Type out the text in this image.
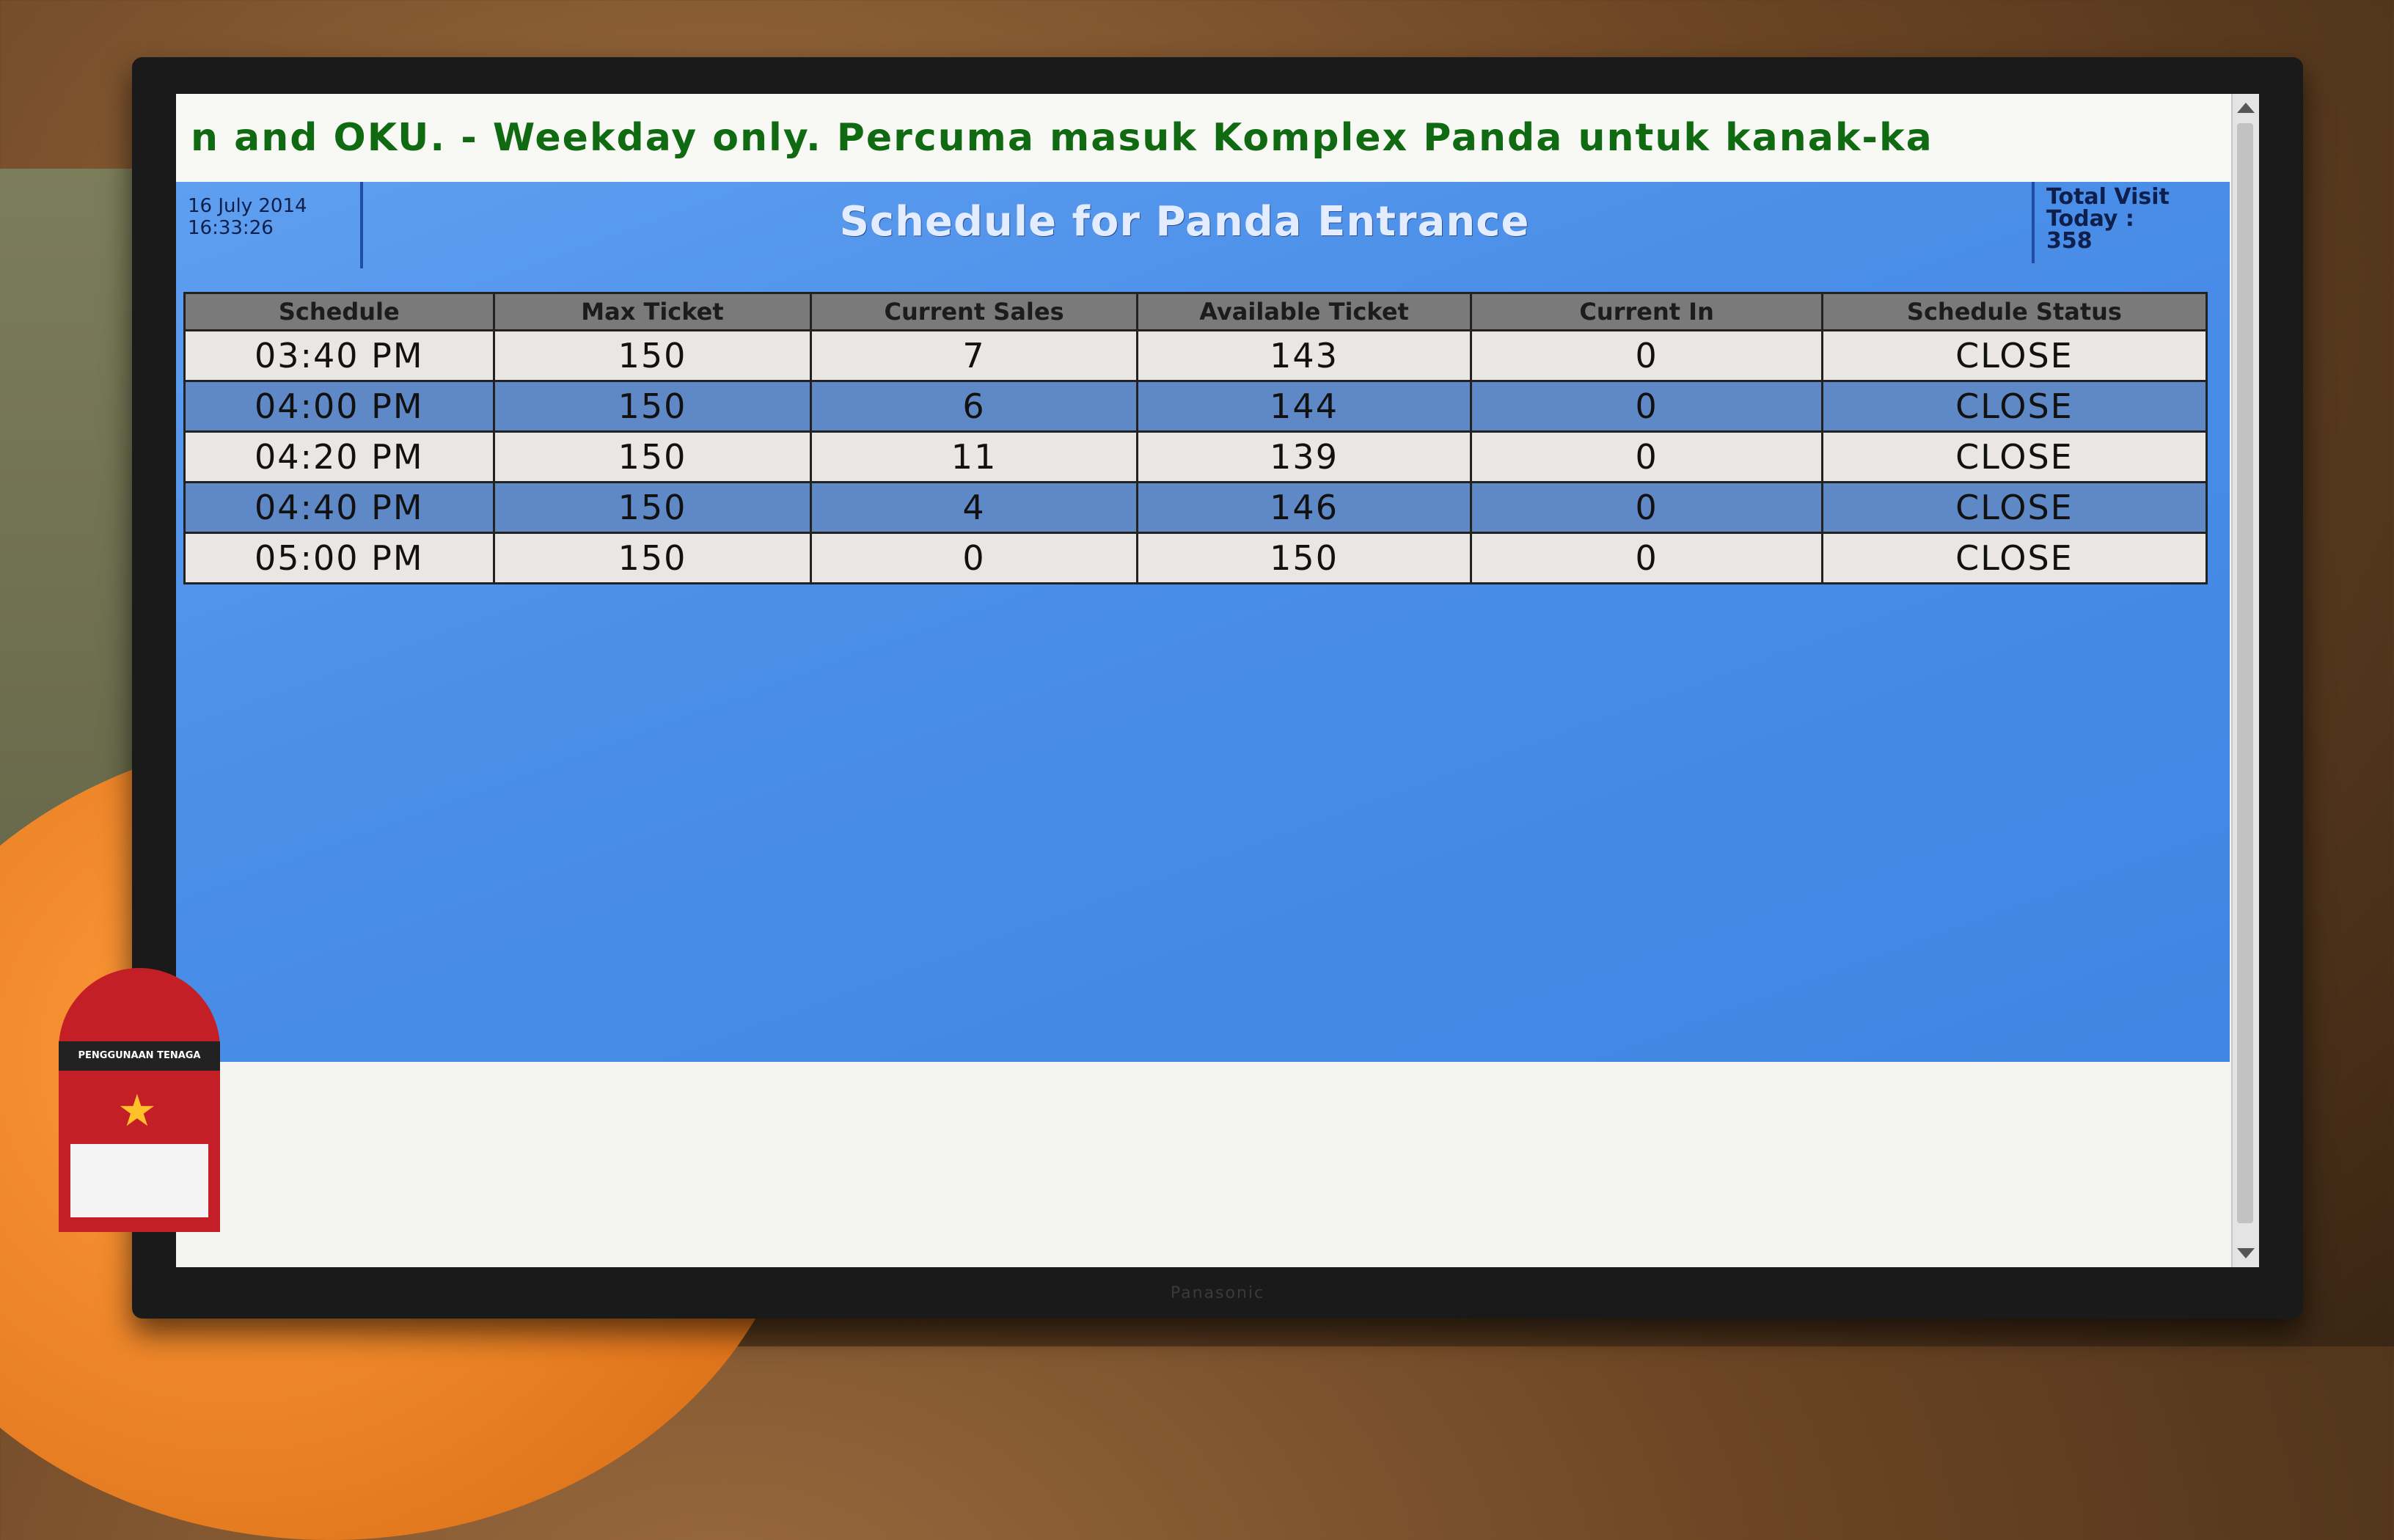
n and OKU. - Weekday only. Percuma masuk Komplex Panda untuk kanak-ka
16 July 2014
16:33:26	Schedule for Panda Entrance
Total Visit Today :
358
Schedule	Max Ticket	Current Sales	Available Ticket	Current In	Schedule Status
03:40 PM	150	7	143	0	CLOSE
04:00 PM	150	6	144	0	CLOSE
04:20 PM	150	11	139	0	CLOSE
04:40 PM	150	4	146	0	CLOSE
05:00 PM	150	0	150	0	CLOSE
Panasonic
PENGGUNAAN TENAGA
★
